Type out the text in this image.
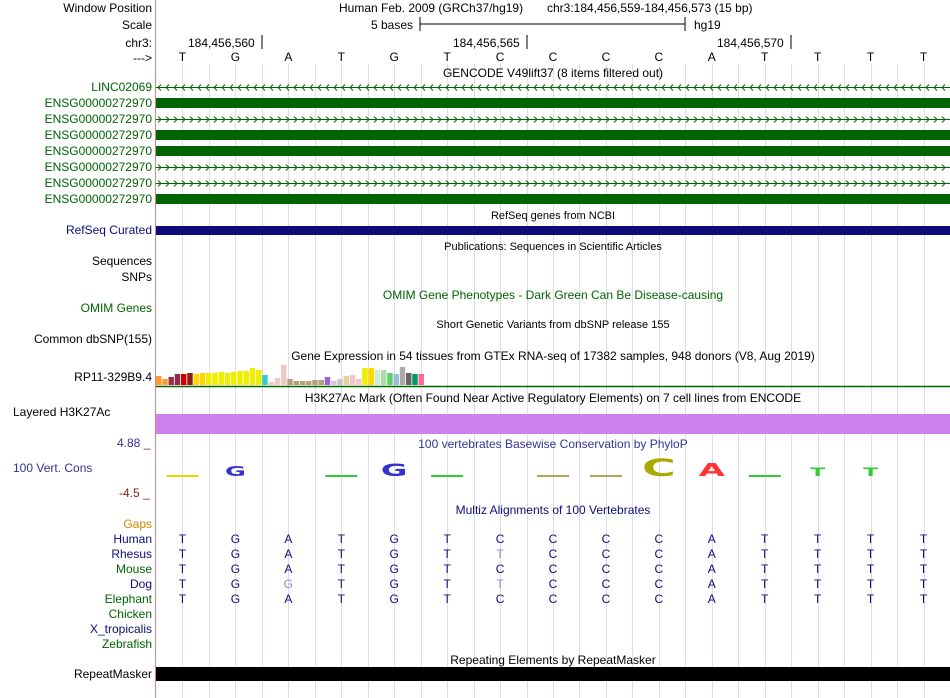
G	G	C A	T	T
Window Position	Human Feb. 2009 (GRCh37/hg19) chr3:184,456,559-184,456,573 (15 bp)
Scale	5 bases	hg19
chr3:	184,456,560	184,456,565	184,456,570
--->	T	G	A	T	G	T	C	C	C	C	A	T	T	T	T
GENCODE V49lift37 (8 items filtered out)
LINC02069
ENSG00000272970
ENSG00000272970
ENSG00000272970
ENSG00000272970
ENSG00000272970
ENSG00000272970
ENSG00000272970
RefSeq genes from NCBI
RefSeq Curated
Publications: Sequences in Scientific Articles
Sequences
SNPs
OMIM Gene Phenotypes - Dark Green Can Be Disease-causing
OMIM Genes
Short Genetic Variants from dbSNP release 155
Common dbSNP(155)
Gene Expression in 54 tissues from GTEx RNA-seq of 17382 samples, 948 donors (V8, Aug 2019)
RP11-329B9.4
H3K27Ac Mark (Often Found Near Active Regulatory Elements) on 7 cell lines from ENCODE
Layered H3K27Ac
100 vertebrates Basewise Conservation by PhyloP
4.88 _
100 Vert. Cons
-4.5 _
Multiz Alignments of 100 Vertebrates
Gaps
Human	T	G	A	T	G	T	C	C	C	C	A	T	T	T	T
Rhesus	T	G	A	T	G	T	T	C	C	C	A	T	T	T	T
Mouse	T	G	A	T	G	T	C	C	C	C	A	T	T	T	T
Dog	T	G	G	T	G	T	T	C	C	C	A	T	T	T	T
Elephant	T	G	A	T	G	T	C	C	C	C	A	T	T	T	T
Chicken
X_tropicalis
Zebrafish
Repeating Elements by RepeatMasker
RepeatMasker
